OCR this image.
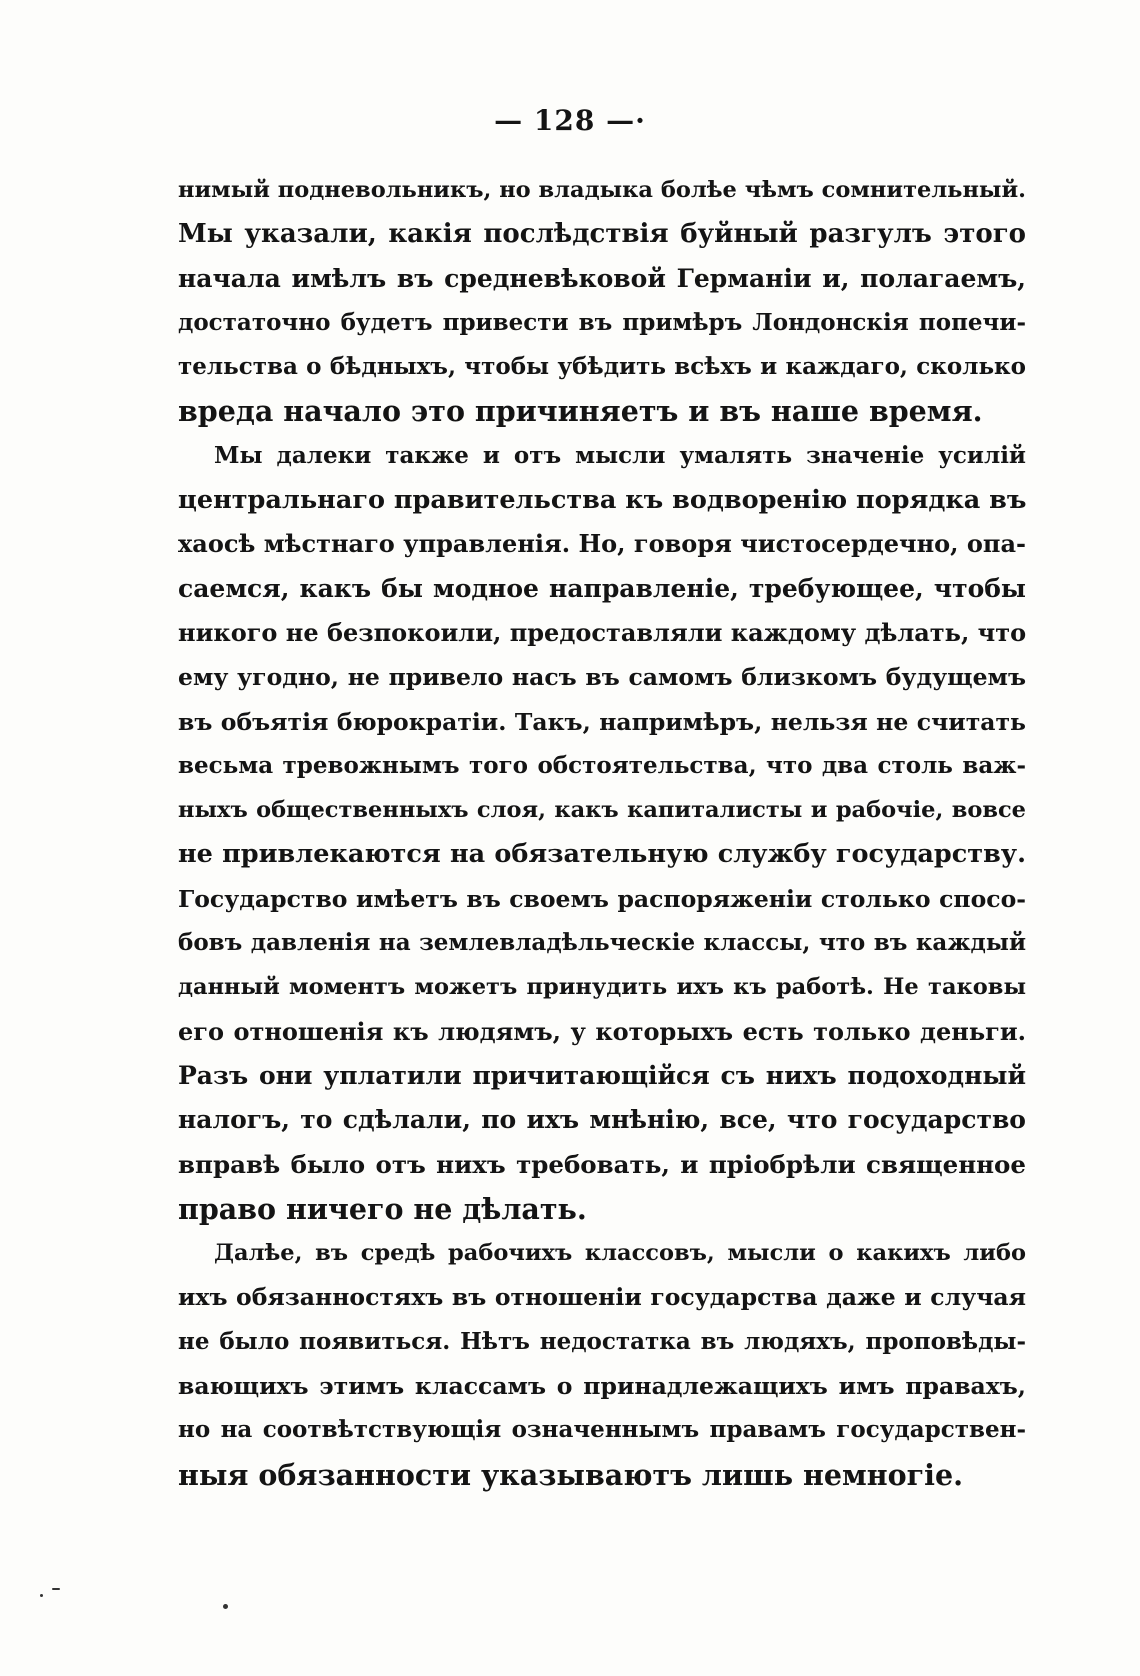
— 128 —·
нимый подневольникъ, но владыка болѣе чѣмъ сомнительный.
Мы указали, какія послѣдствія буйный разгулъ этого
начала имѣлъ въ средневѣковой Германіи и, полагаемъ,
достаточно будетъ привести въ примѣръ Лондонскія попечи-
тельства о бѣдныхъ, чтобы убѣдить всѣхъ и каждаго, сколько
вреда начало это причиняетъ и въ наше время.
Мы далеки также и отъ мысли умалять значеніе усилій
центральнаго правительства къ водворенію порядка въ
хаосѣ мѣстнаго управленія. Но, говоря чистосердечно, опа-
саемся, какъ бы модное направленіе, требующее, чтобы
никого не безпокоили, предоставляли каждому дѣлать, что
ему угодно, не привело насъ въ самомъ близкомъ будущемъ
въ объятія бюрократіи. Такъ, напримѣръ, нельзя не считать
весьма тревожнымъ того обстоятельства, что два столь важ-
ныхъ общественныхъ слоя, какъ капиталисты и рабочіе, вовсе
не привлекаются на обязательную службу государству.
Государство имѣетъ въ своемъ распоряженіи столько спосо-
бовъ давленія на землевладѣльческіе классы, что въ каждый
данный моментъ можетъ принудить ихъ къ работѣ. Не таковы
его отношенія къ людямъ, у которыхъ есть только деньги.
Разъ они уплатили причитающійся съ нихъ подоходный
налогъ, то сдѣлали, по ихъ мнѣнію, все, что государство
вправѣ было отъ нихъ требовать, и пріобрѣли священное
право ничего не дѣлать.
Далѣе, въ средѣ рабочихъ классовъ, мысли о какихъ либо
ихъ обязанностяхъ въ отношеніи государства даже и случая
не было появиться. Нѣтъ недостатка въ людяхъ, проповѣды-
вающихъ этимъ классамъ о принадлежащихъ имъ правахъ,
но на соотвѣтствующія означеннымъ правамъ государствен-
ныя обязанности указываютъ лишь немногіе.
